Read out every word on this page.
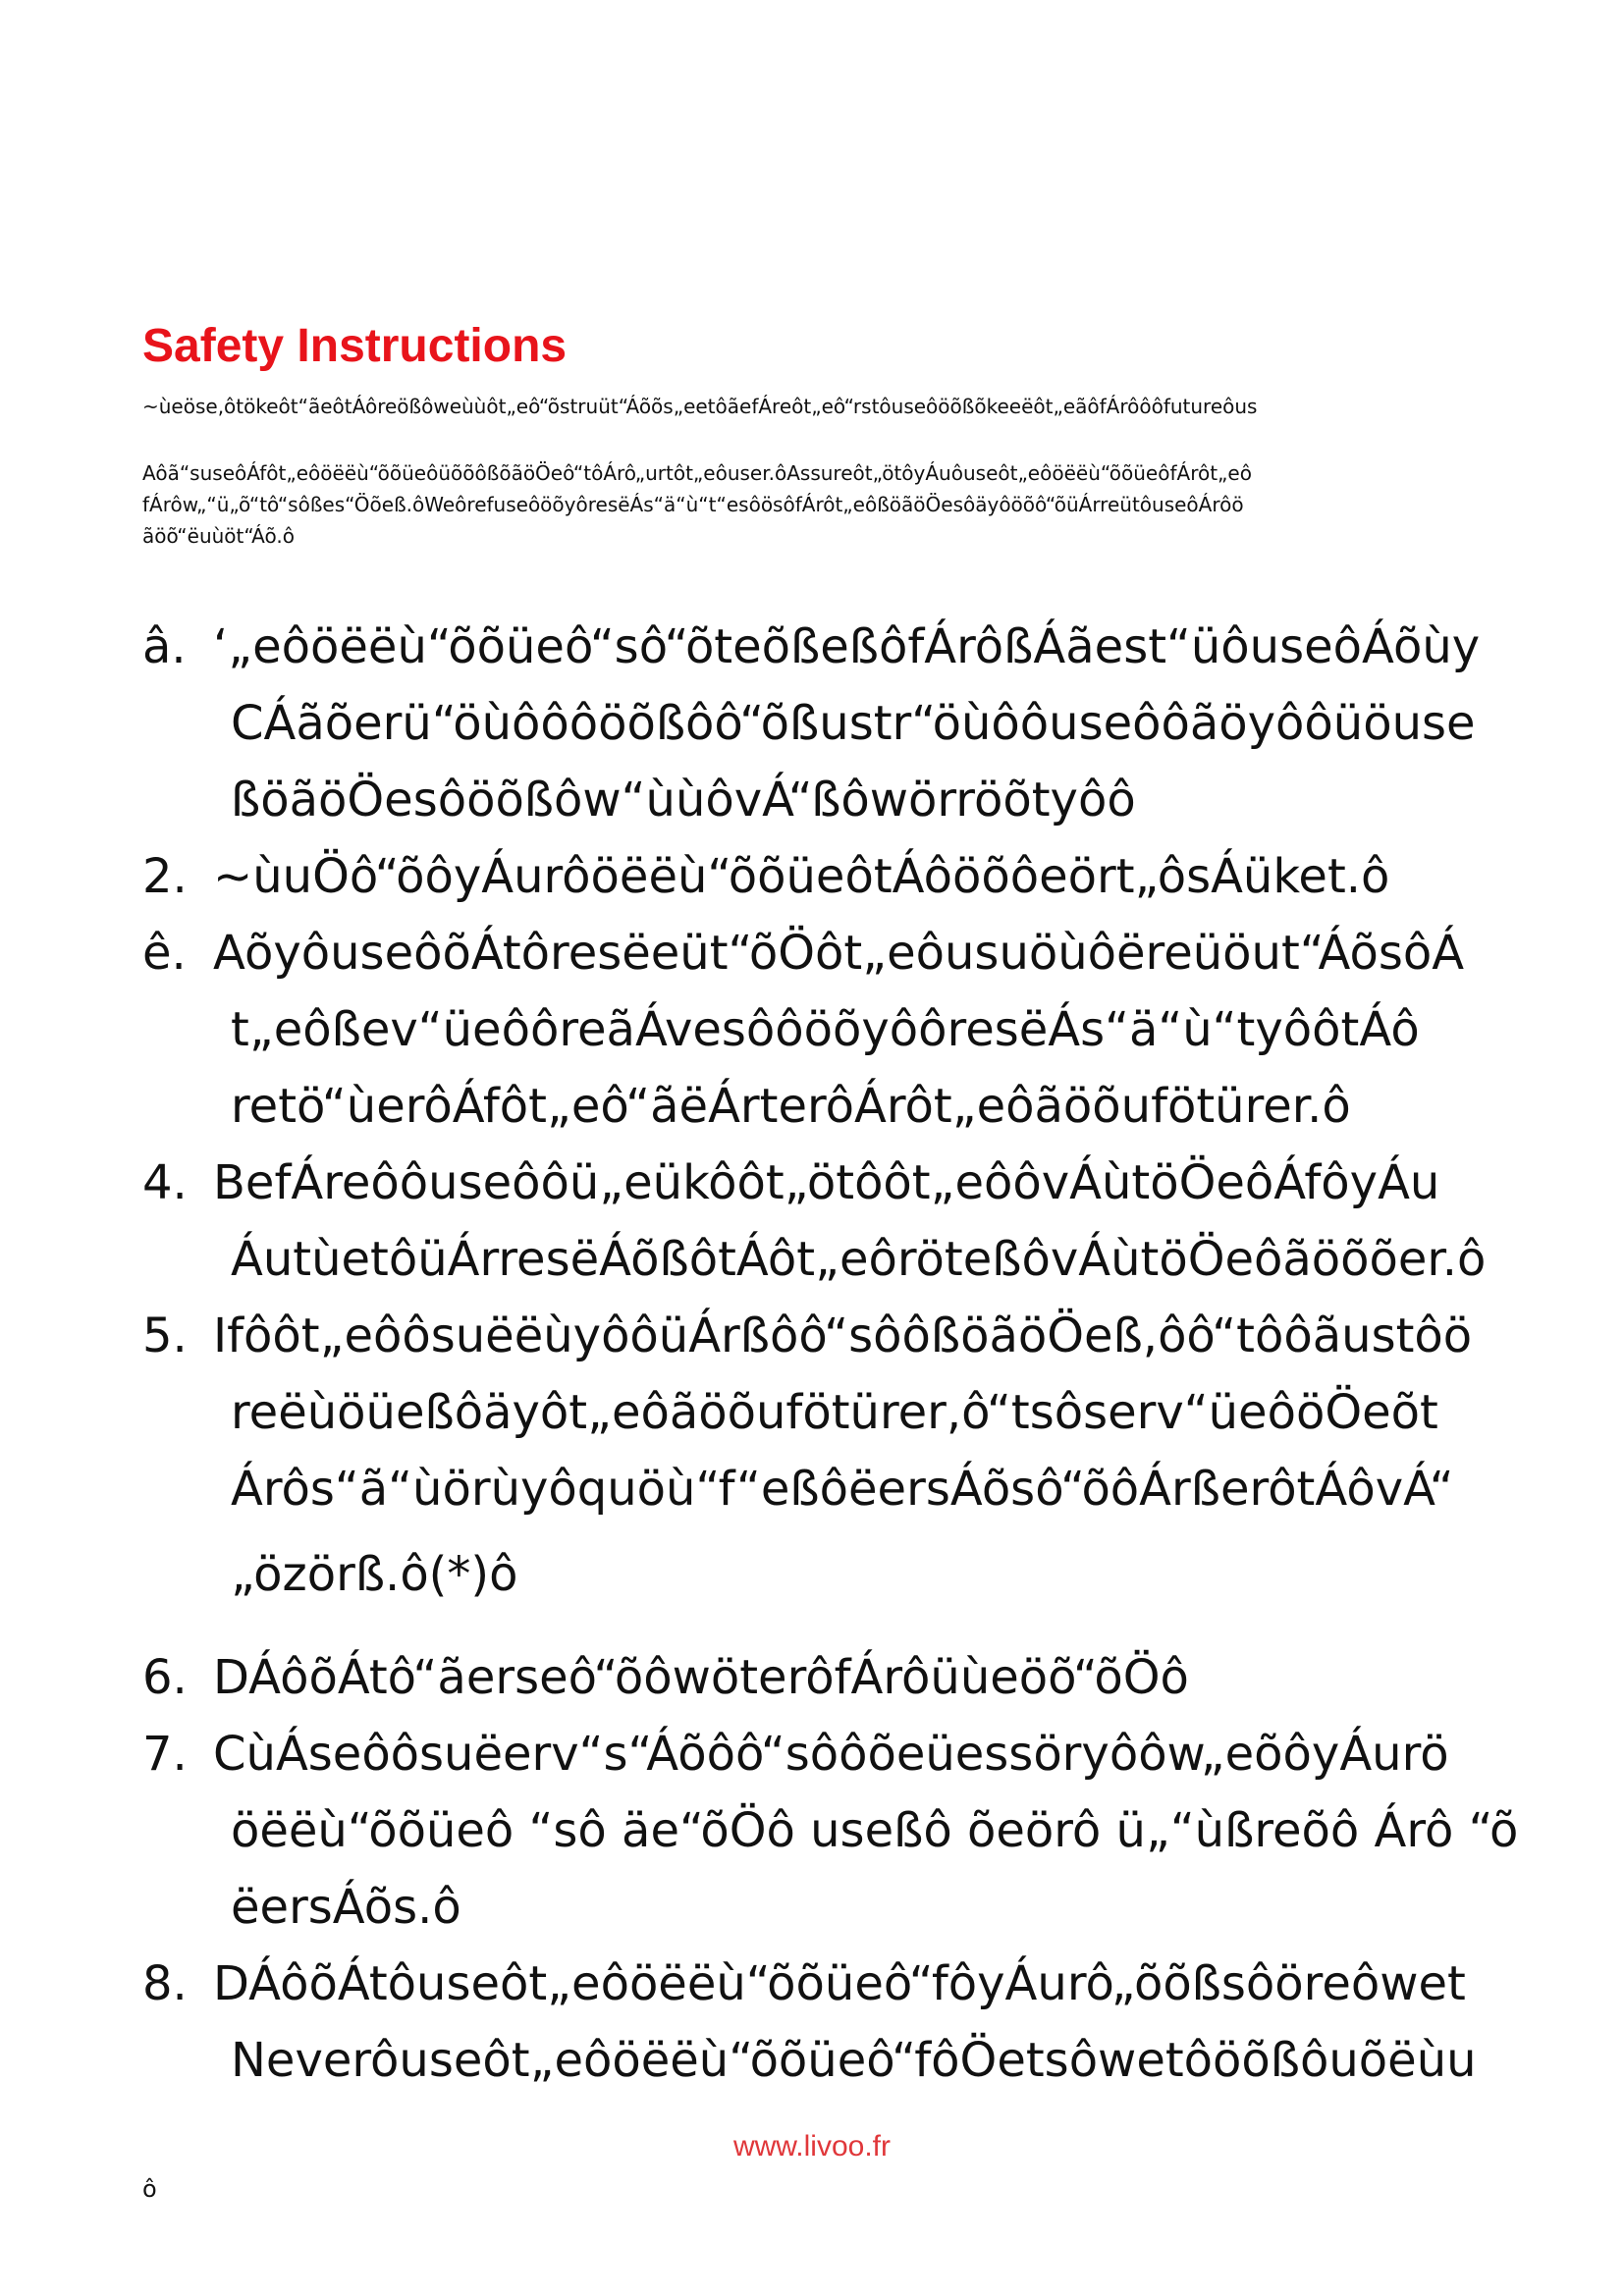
Safety Instructions

~ùeöse,ôtökeôt“ãeôtÁôreößôweùùôt„eô“õstruüt“Áõõs„eetôãefÁreôt„eô“rstôuseôöõßõkeeëôt„eãôfÁrôôôfutureôus

Aôã“suseôÁfôt„eôöëëù“õõüeôüõõôßõãöÖeô“tôÁrô„urtôt„eôuser.ôAssureôt„ötôyÁuôuseôt„eôöëëù“õõüeôfÁrôt„eô
fÁrôw„“ü„õ“tô“sôßes“Öõeß.ôWeôrefuseôöõyôresëÁs“ä“ù“t“esôösôfÁrôt„eôßöãöÖesôäyôöõô“õüÁrreütôuseôÁrôö
ãöõ“ëuùöt“Áõ.ô

â. ‘„eôöëëù“õõüeô“sô“õteõßeßôfÁrôßÁãest“üôuseôÁõùy
CÁãõerü“öùôôôöõßôô“õßustr“öùôôuseôôãöyôôüöuse
ßöãöÖesôöõßôw“ùùôvÁ“ßôwörröõtyôô
2. ~ùuÖô“õôyÁurôöëëù“õõüeôtÁôöõôeört„ôsÁüket.ô
ê. AõyôuseôõÁtôresëeüt“õÖôt„eôusuöùôëreüöut“ÁõsôÁ
t„eôßev“üeôôreãÁvesôôöõyôôresëÁs“ä“ù“tyôôtÁô
retö“ùerôÁfôt„eô“ãëÁrterôÁrôt„eôãöõufötürer.ô
4. BefÁreôôuseôôü„eükôôt„ötôôt„eôôvÁùtöÖeôÁfôyÁu
ÁutùetôüÁrresëÁõßôtÁôt„eôröteßôvÁùtöÖeôãöõõer.ô
5. Ifôôt„eôôsuëëùyôôüÁrßôô“sôôßöãöÖeß,ôô“tôôãustôö
reëùöüeßôäyôt„eôãöõufötürer,ô“tsôserv“üeôöÖeõt
Árôs“ã“ùörùyôquöù“f“eßôëersÁõsô“õôÁrßerôtÁôvÁ“
„özörß.ô(*)ô
6. DÁôõÁtô“ãerseô“õôwöterôfÁrôüùeöõ“õÖô
7. CùÁseôôsuëerv“s“Áõôô“sôôõeüessöryôôw„eõôyÁurö
öëëù“õõüeô “sô äe“õÖô useßô õeörô ü„“ùßreõô Árô “õ
ëersÁõs.ô
8. DÁôõÁtôuseôt„eôöëëù“õõüeô“fôyÁurô„õõßsôöreôwet
Neverôuseôt„eôöëëù“õõüeô“fôÖetsôwetôöõßôuõëùu
www.livoo.fr
ô
